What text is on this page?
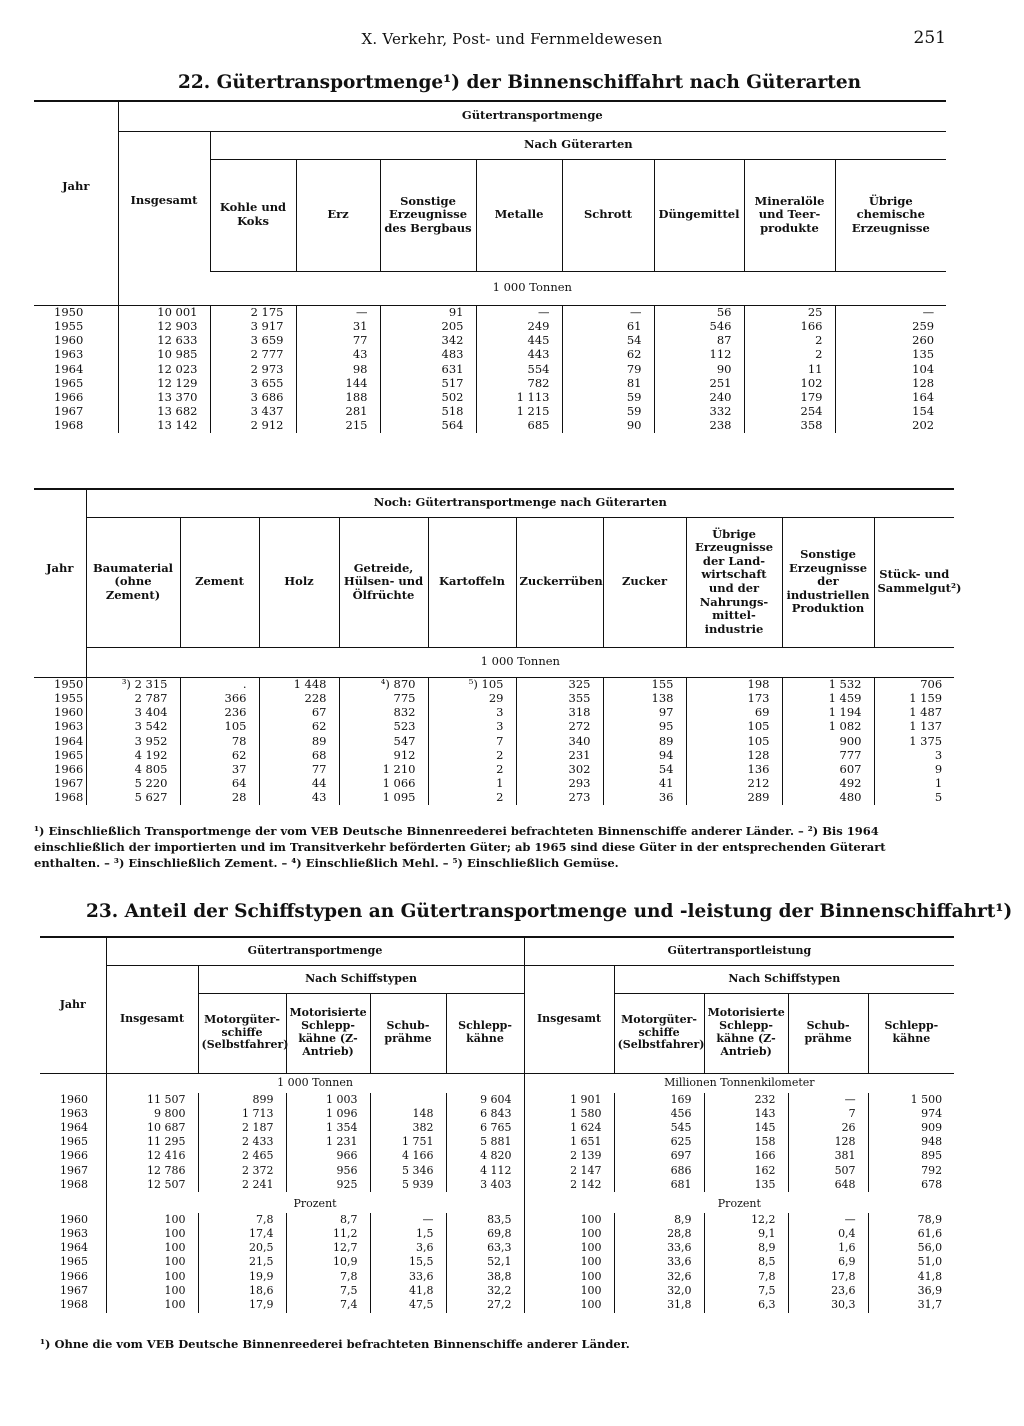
X. Verkehr, Post- und Fernmeldewesen	251
22. Gütertransportmenge¹) der Binnenschiffahrt nach Güterarten
Jahr	Gütertransportmenge								
	Insgesamt	Nach Güterarten							
		Kohle und Koks	Erz	Sonstige Erzeugnisse des Bergbaus	Metalle	Schrott	Düngemittel	Mineralöle und Teerprodukte	Übrige chemische Erzeugnisse
	1 000 Tonnen								
1950	10 001	2 175	—	91	—	—	56	25	—
1955	12 903	3 917	31	205	249	61	546	166	259
1960	12 633	3 659	77	342	445	54	87	2	260
1963	10 985	2 777	43	483	443	62	112	2	135
1964	12 023	2 973	98	631	554	79	90	11	104
1965	12 129	3 655	144	517	782	81	251	102	128
1966	13 370	3 686	188	502	1 113	59	240	179	164
1967	13 682	3 437	281	518	1 215	59	332	254	154
1968	13 142	2 912	215	564	685	90	238	358	202
Jahr	Noch: Gütertransportmenge nach Güterarten									
	Baumaterial (ohne Zement)	Zement	Holz	Getreide, Hülsen- und Ölfrüchte	Kartoffeln	Zuckerrüben	Zucker	Übrige Erzeugnisse der Landwirtschaft und der Nahrungsmittelindustrie	Sonstige Erzeugnisse der industriellen Produktion	Stück- und Sammelgut²)
	1 000 Tonnen									
1950	³) 2 315	.	1 448	⁴) 870	⁵) 105	325	155	198	1 532	706
1955	2 787	366	228	775	29	355	138	173	1 459	1 159
1960	3 404	236	67	832	3	318	97	69	1 194	1 487
1963	3 542	105	62	523	3	272	95	105	1 082	1 137
1964	3 952	78	89	547	7	340	89	105	900	1 375
1965	4 192	62	68	912	2	231	94	128	777	3
1966	4 805	37	77	1 210	2	302	54	136	607	9
1967	5 220	64	44	1 066	1	293	41	212	492	1
1968	5 627	28	43	1 095	2	273	36	289	480	5
¹) Einschließlich Transportmenge der vom VEB Deutsche Binnenreederei befrachteten Binnenschiffe anderer Länder. – ²) Bis 1964 einschließlich der importierten und im Transitverkehr beförderten Güter; ab 1965 sind diese Güter in der entsprechenden Güterart enthalten. – ³) Einschließlich Zement. – ⁴) Einschließlich Mehl. – ⁵) Einschließlich Gemüse.
23. Anteil der Schiffstypen an Gütertransportmenge und -leistung der Binnenschiffahrt¹)
Jahr	Gütertransportmenge					Gütertransportleistung				
	Insgesamt	Nach Schiffstypen				Insgesamt	Nach Schiffstypen			
		Motorgüterschiffe (Selbstfahrer)	Motorisierte Schleppkähne (Z-Antrieb)	Schubprähme	Schleppkähne		Motorgüterschiffe (Selbstfahrer)	Motorisierte Schleppkähne (Z-Antrieb)	Schubprähme	Schleppkähne
	1 000 Tonnen					Millionen Tonnenkilometer				
1960	11 507	899	1 003		9 604	1 901	169	232	—	1 500
1963	9 800	1 713	1 096	148	6 843	1 580	456	143	7	974
1964	10 687	2 187	1 354	382	6 765	1 624	545	145	26	909
1965	11 295	2 433	1 231	1 751	5 881	1 651	625	158	128	948
1966	12 416	2 465	966	4 166	4 820	2 139	697	166	381	895
1967	12 786	2 372	956	5 346	4 112	2 147	686	162	507	792
1968	12 507	2 241	925	5 939	3 403	2 142	681	135	648	678
	Prozent					Prozent				
1960	100	7,8	8,7	—	83,5	100	8,9	12,2	—	78,9
1963	100	17,4	11,2	1,5	69,8	100	28,8	9,1	0,4	61,6
1964	100	20,5	12,7	3,6	63,3	100	33,6	8,9	1,6	56,0
1965	100	21,5	10,9	15,5	52,1	100	33,6	8,5	6,9	51,0
1966	100	19,9	7,8	33,6	38,8	100	32,6	7,8	17,8	41,8
1967	100	18,6	7,5	41,8	32,2	100	32,0	7,5	23,6	36,9
1968	100	17,9	7,4	47,5	27,2	100	31,8	6,3	30,3	31,7
¹) Ohne die vom VEB Deutsche Binnenreederei befrachteten Binnenschiffe anderer Länder.
